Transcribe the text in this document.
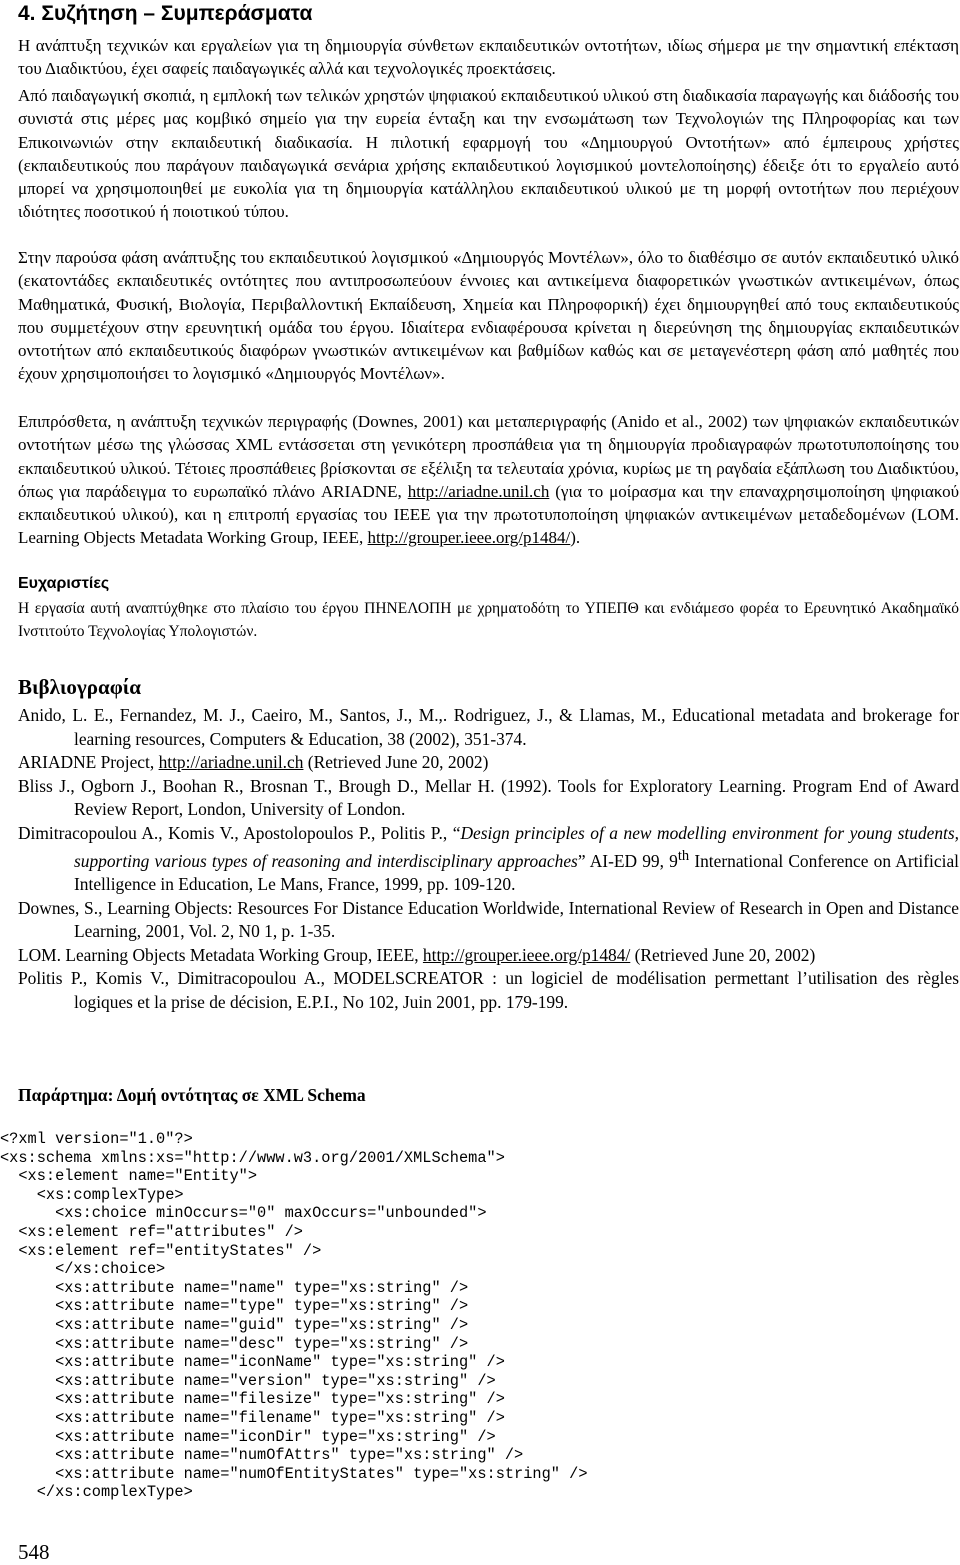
4. Συζήτηση – Συμπεράσματα

Η ανάπτυξη τεχνικών και εργαλείων για τη δημιουργία σύνθετων εκπαιδευτικών οντοτήτων, ιδίως σήμερα με την σημαντική επέκταση του Διαδικτύου, έχει σαφείς παιδαγωγικές αλλά και τεχνολογικές προεκτάσεις.

Από παιδαγωγική σκοπιά, η εμπλοκή των τελικών χρηστών ψηφιακού εκπαιδευτικού υλικού στη διαδικασία παραγωγής και διάδοσής του συνιστά στις μέρες μας κομβικό σημείο για την ευρεία ένταξη και την ενσωμάτωση των Τεχνολογιών της Πληροφορίας και των Επικοινωνιών στην εκπαιδευτική διαδικασία. Η πιλοτική εφαρμογή του «Δημιουργού Οντοτήτων» από έμπειρους χρήστες (εκπαιδευτικούς που παράγουν παιδαγωγικά σενάρια χρήσης εκπαιδευτικού λογισμικού μοντελοποίησης) έδειξε ότι το εργαλείο αυτό μπορεί να χρησιμοποιηθεί με ευκολία για τη δημιουργία κατάλληλου εκπαιδευτικού υλικού με τη μορφή οντοτήτων που περιέχουν ιδιότητες ποσοτικού ή ποιοτικού τύπου.

Στην παρούσα φάση ανάπτυξης του εκπαιδευτικού λογισμικού «Δημιουργός Μοντέλων», όλο το διαθέσιμο σε αυτόν εκπαιδευτικό υλικό (εκατοντάδες εκπαιδευτικές οντότητες που αντιπροσωπεύουν έννοιες και αντικείμενα διαφορετικών γνωστικών αντικειμένων, όπως Μαθηματικά, Φυσική, Βιολογία, Περιβαλλοντική Εκπαίδευση, Χημεία και Πληροφορική) έχει δημιουργηθεί από τους εκπαιδευτικούς που συμμετέχουν στην ερευνητική ομάδα του έργου. Ιδιαίτερα ενδιαφέρουσα κρίνεται η διερεύνηση της δημιουργίας εκπαιδευτικών οντοτήτων από εκπαιδευτικούς διαφόρων γνωστικών αντικειμένων και βαθμίδων καθώς και σε μεταγενέστερη φάση από μαθητές που έχουν χρησιμοποιήσει το λογισμικό «Δημιουργός Μοντέλων».

Επιπρόσθετα, η ανάπτυξη τεχνικών περιγραφής (Downes, 2001) και μεταπεριγραφής (Anido et al., 2002) των ψηφιακών εκπαιδευτικών οντοτήτων μέσω της γλώσσας XML εντάσσεται στη γενικότερη προσπάθεια για τη δημιουργία προδιαγραφών πρωτοτυποποίησης του εκπαιδευτικού υλικού. Τέτοιες προσπάθειες βρίσκονται σε εξέλιξη τα τελευταία χρόνια, κυρίως με τη ραγδαία εξάπλωση του Διαδικτύου, όπως για παράδειγμα το ευρωπαϊκό πλάνο ARIADNE, http://ariadne.unil.ch (για το μοίρασμα και την επαναχρησιμοποίηση ψηφιακού εκπαιδευτικού υλικού), και η επιτροπή εργασίας του IEEE για την πρωτοτυποποίηση ψηφιακών αντικειμένων μεταδεδομένων (LOM. Learning Objects Metadata Working Group, IEEE, http://grouper.ieee.org/p1484/).

Ευχαριστίες

Η εργασία αυτή αναπτύχθηκε στο πλαίσιο του έργου ΠΗΝΕΛΟΠΗ με χρηματοδότη το ΥΠΕΠΘ και ενδιάμεσο φορέα το Ερευνητικό Ακαδημαϊκό Ινστιτούτο Τεχνολογίας Υπολογιστών.

Βιβλιογραφία
Anido, L. E., Fernandez, M. J., Caeiro, M., Santos, J., M.,. Rodriguez, J., & Llamas, M., Educational metadata and brokerage for learning resources, Computers & Education, 38 (2002), 351-374.
ARIADNE Project, http://ariadne.unil.ch (Retrieved June 20, 2002)
Bliss J., Ogborn J., Boohan R., Brosnan T., Brough D., Mellar H. (1992). Tools for Exploratory Learning. Program End of Award Review Report, London, University of London.
Dimitracopoulou A., Komis V., Apostolopoulos P., Politis P., “Design principles of a new modelling environment for young students, supporting various types of reasoning and interdisciplinary approaches” AI-ED 99, 9th International Conference on Artificial Intelligence in Education, Le Mans, France, 1999, pp. 109-120.
Downes, S., Learning Objects: Resources For Distance Education Worldwide, International Review of Research in Open and Distance Learning, 2001, Vol. 2, N0 1, p. 1-35.
LOM. Learning Objects Metadata Working Group, IEEE, http://grouper.ieee.org/p1484/ (Retrieved June 20, 2002)
Politis P., Komis V., Dimitracopoulou A., MODELSCREATOR : un logiciel de modélisation permettant l’utilisation des règles logiques et la prise de décision, E.P.I., No 102, Juin 2001, pp. 179-199.
Παράρτημα: Δομή οντότητας σε XML Schema
<?xml version="1.0"?>
<xs:schema xmlns:xs="http://www.w3.org/2001/XMLSchema">
<xs:element name="Entity">
<xs:complexType>
<xs:choice minOccurs="0" maxOccurs="unbounded">
<xs:element ref="attributes" />
<xs:element ref="entityStates" />
</xs:choice>
<xs:attribute name="name" type="xs:string" />
<xs:attribute name="type" type="xs:string" />
<xs:attribute name="guid" type="xs:string" />
<xs:attribute name="desc" type="xs:string" />
<xs:attribute name="iconName" type="xs:string" />
<xs:attribute name="version" type="xs:string" />
<xs:attribute name="filesize" type="xs:string" />
<xs:attribute name="filename" type="xs:string" />
<xs:attribute name="iconDir" type="xs:string" />
<xs:attribute name="numOfAttrs" type="xs:string" />
<xs:attribute name="numOfEntityStates" type="xs:string" />
</xs:complexType>

548
